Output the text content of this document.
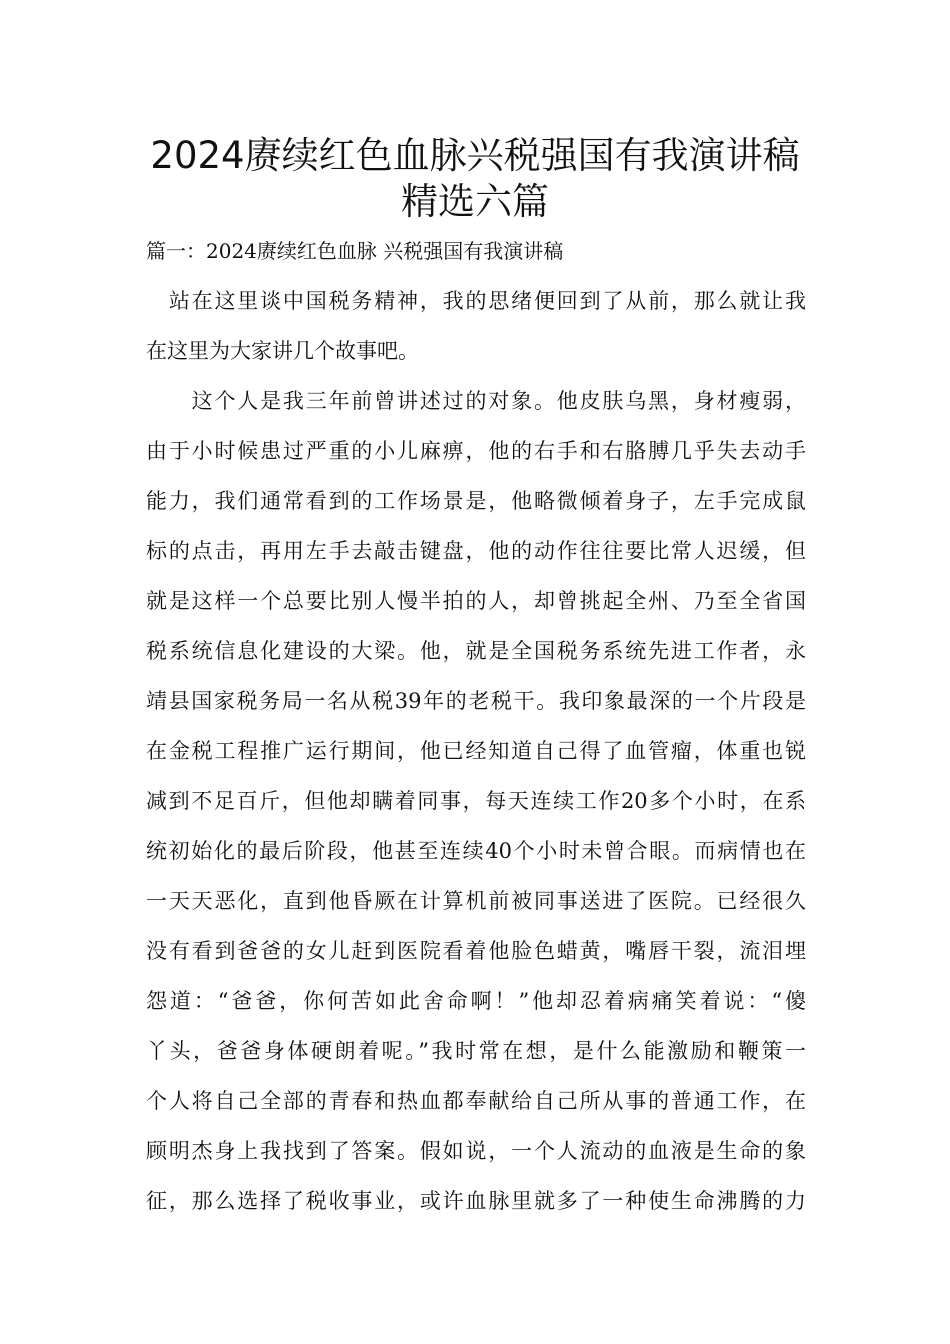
2024赓续红色血脉兴税强国有我演讲稿
精选六篇
篇一：2024赓续红色血脉 兴税强国有我演讲稿
　站在这里谈中国税务精神，我的思绪便回到了从前，那么就让我
在这里为大家讲几个故事吧。
　　这个人是我三年前曾讲述过的对象。他皮肤乌黑，身材瘦弱，
由于小时候患过严重的小儿麻痹，他的右手和右胳膊几乎失去动手
能力，我们通常看到的工作场景是，他略微倾着身子，左手完成鼠
标的点击，再用左手去敲击键盘，他的动作往往要比常人迟缓，但
就是这样一个总要比别人慢半拍的人，却曾挑起全州、乃至全省国
税系统信息化建设的大梁。他，就是全国税务系统先进工作者，永
靖县国家税务局一名从税39年的老税干。我印象最深的一个片段是
在金税工程推广运行期间，他已经知道自己得了血管瘤，体重也锐
减到不足百斤，但他却瞒着同事，每天连续工作20多个小时，在系
统初始化的最后阶段，他甚至连续40个小时未曾合眼。而病情也在
一天天恶化，直到他昏厥在计算机前被同事送进了医院。已经很久
没有看到爸爸的女儿赶到医院看着他脸色蜡黄，嘴唇干裂，流泪埋
怨道：“爸爸，你何苦如此舍命啊！”他却忍着病痛笑着说：“傻
丫头，爸爸身体硬朗着呢。”我时常在想，是什么能激励和鞭策一
个人将自己全部的青春和热血都奉献给自己所从事的普通工作，在
顾明杰身上我找到了答案。假如说，一个人流动的血液是生命的象
征，那么选择了税收事业，或许血脉里就多了一种使生命沸腾的力
